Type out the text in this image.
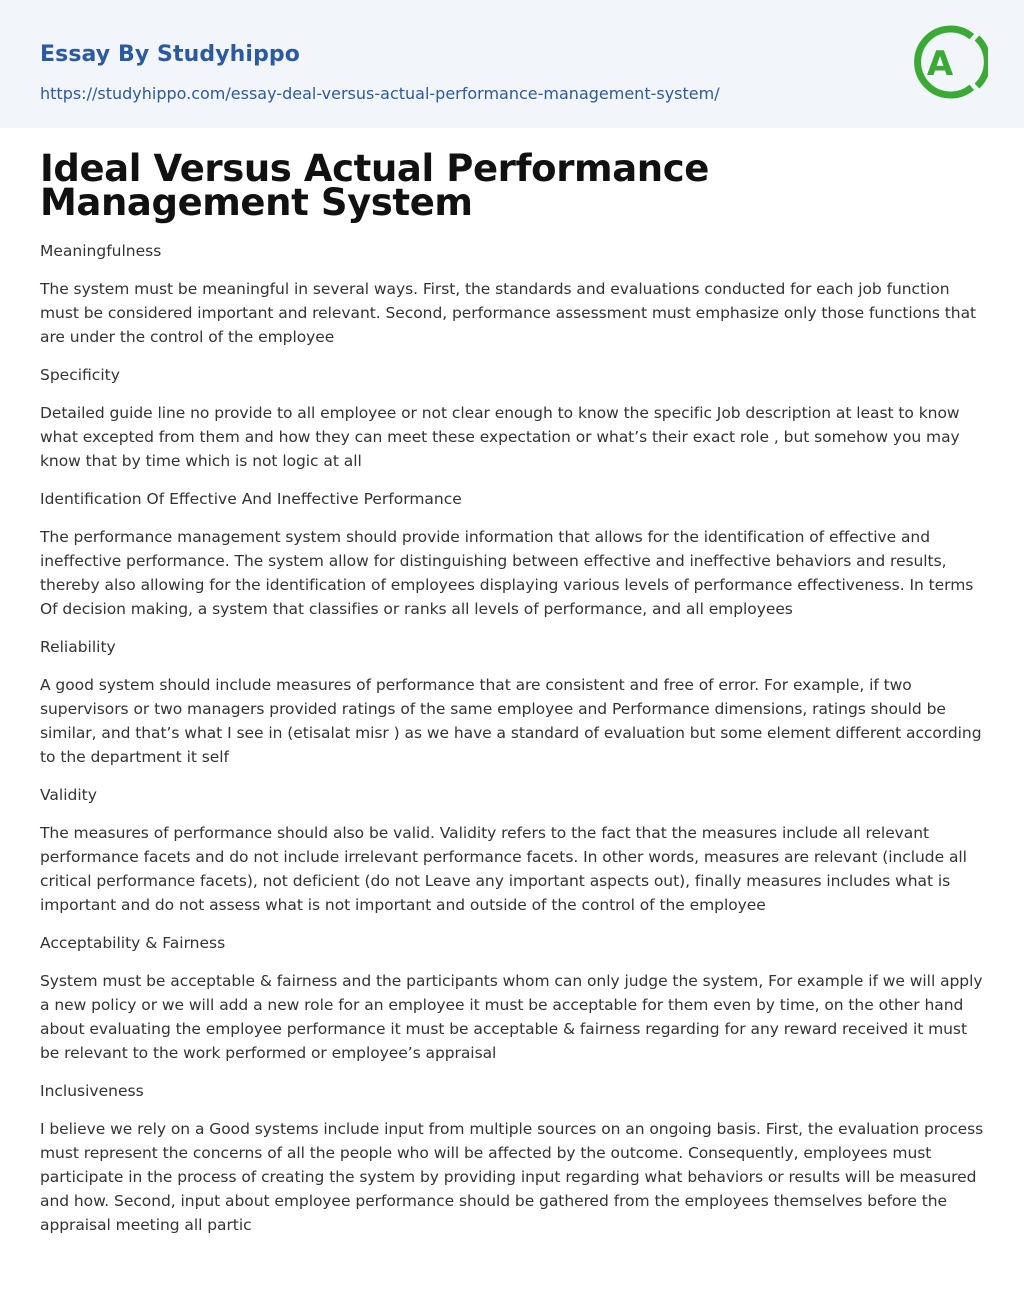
Essay By Studyhippo
https://studyhippo.com/essay-deal-versus-actual-performance-management-system/
A
Ideal Versus Actual Performance Management System
Meaningfulness

The system must be meaningful in several ways. First, the standards and evaluations conducted for each job function must be considered important and relevant. Second, performance assessment must emphasize only those functions that are under the control of the employee

Specificity

Detailed guide line no provide to all employee or not clear enough to know the specific Job description at least to know what excepted from them and how they can meet these expectation or what’s their exact role , but somehow you may know that by time which is not logic at all

Identification Of Effective And Ineffective Performance

The performance management system should provide information that allows for the identification of effective and ineffective performance. The system allow for distinguishing between effective and ineffective behaviors and results, thereby also allowing for the identification of employees displaying various levels of performance effectiveness. In terms Of decision making, a system that classifies or ranks all levels of performance, and all employees

Reliability

A good system should include measures of performance that are consistent and free of error. For example, if two supervisors or two managers provided ratings of the same employee and Performance dimensions, ratings should be similar, and that’s what I see in (etisalat misr ) as we have a standard of evaluation but some element different according to the department it self

Validity

The measures of performance should also be valid. Validity refers to the fact that the measures include all relevant performance facets and do not include irrelevant performance facets. In other words, measures are relevant (include all critical performance facets), not deficient (do not Leave any important aspects out), finally measures includes what is important and do not assess what is not important and outside of the control of the employee

Acceptability & Fairness

System must be acceptable & fairness and the participants whom can only judge the system, For example if we will apply a new policy or we will add a new role for an employee it must be acceptable for them even by time, on the other hand about evaluating the employee performance it must be acceptable & fairness regarding for any reward received it must be relevant to the work performed or employee’s appraisal

Inclusiveness

I believe we rely on a Good systems include input from multiple sources on an ongoing basis. First, the evaluation process must represent the concerns of all the people who will be affected by the outcome. Consequently, employees must participate in the process of creating the system by providing input regarding what behaviors or results will be measured and how. Second, input about employee performance should be gathered from the employees themselves before the appraisal meeting all partic
